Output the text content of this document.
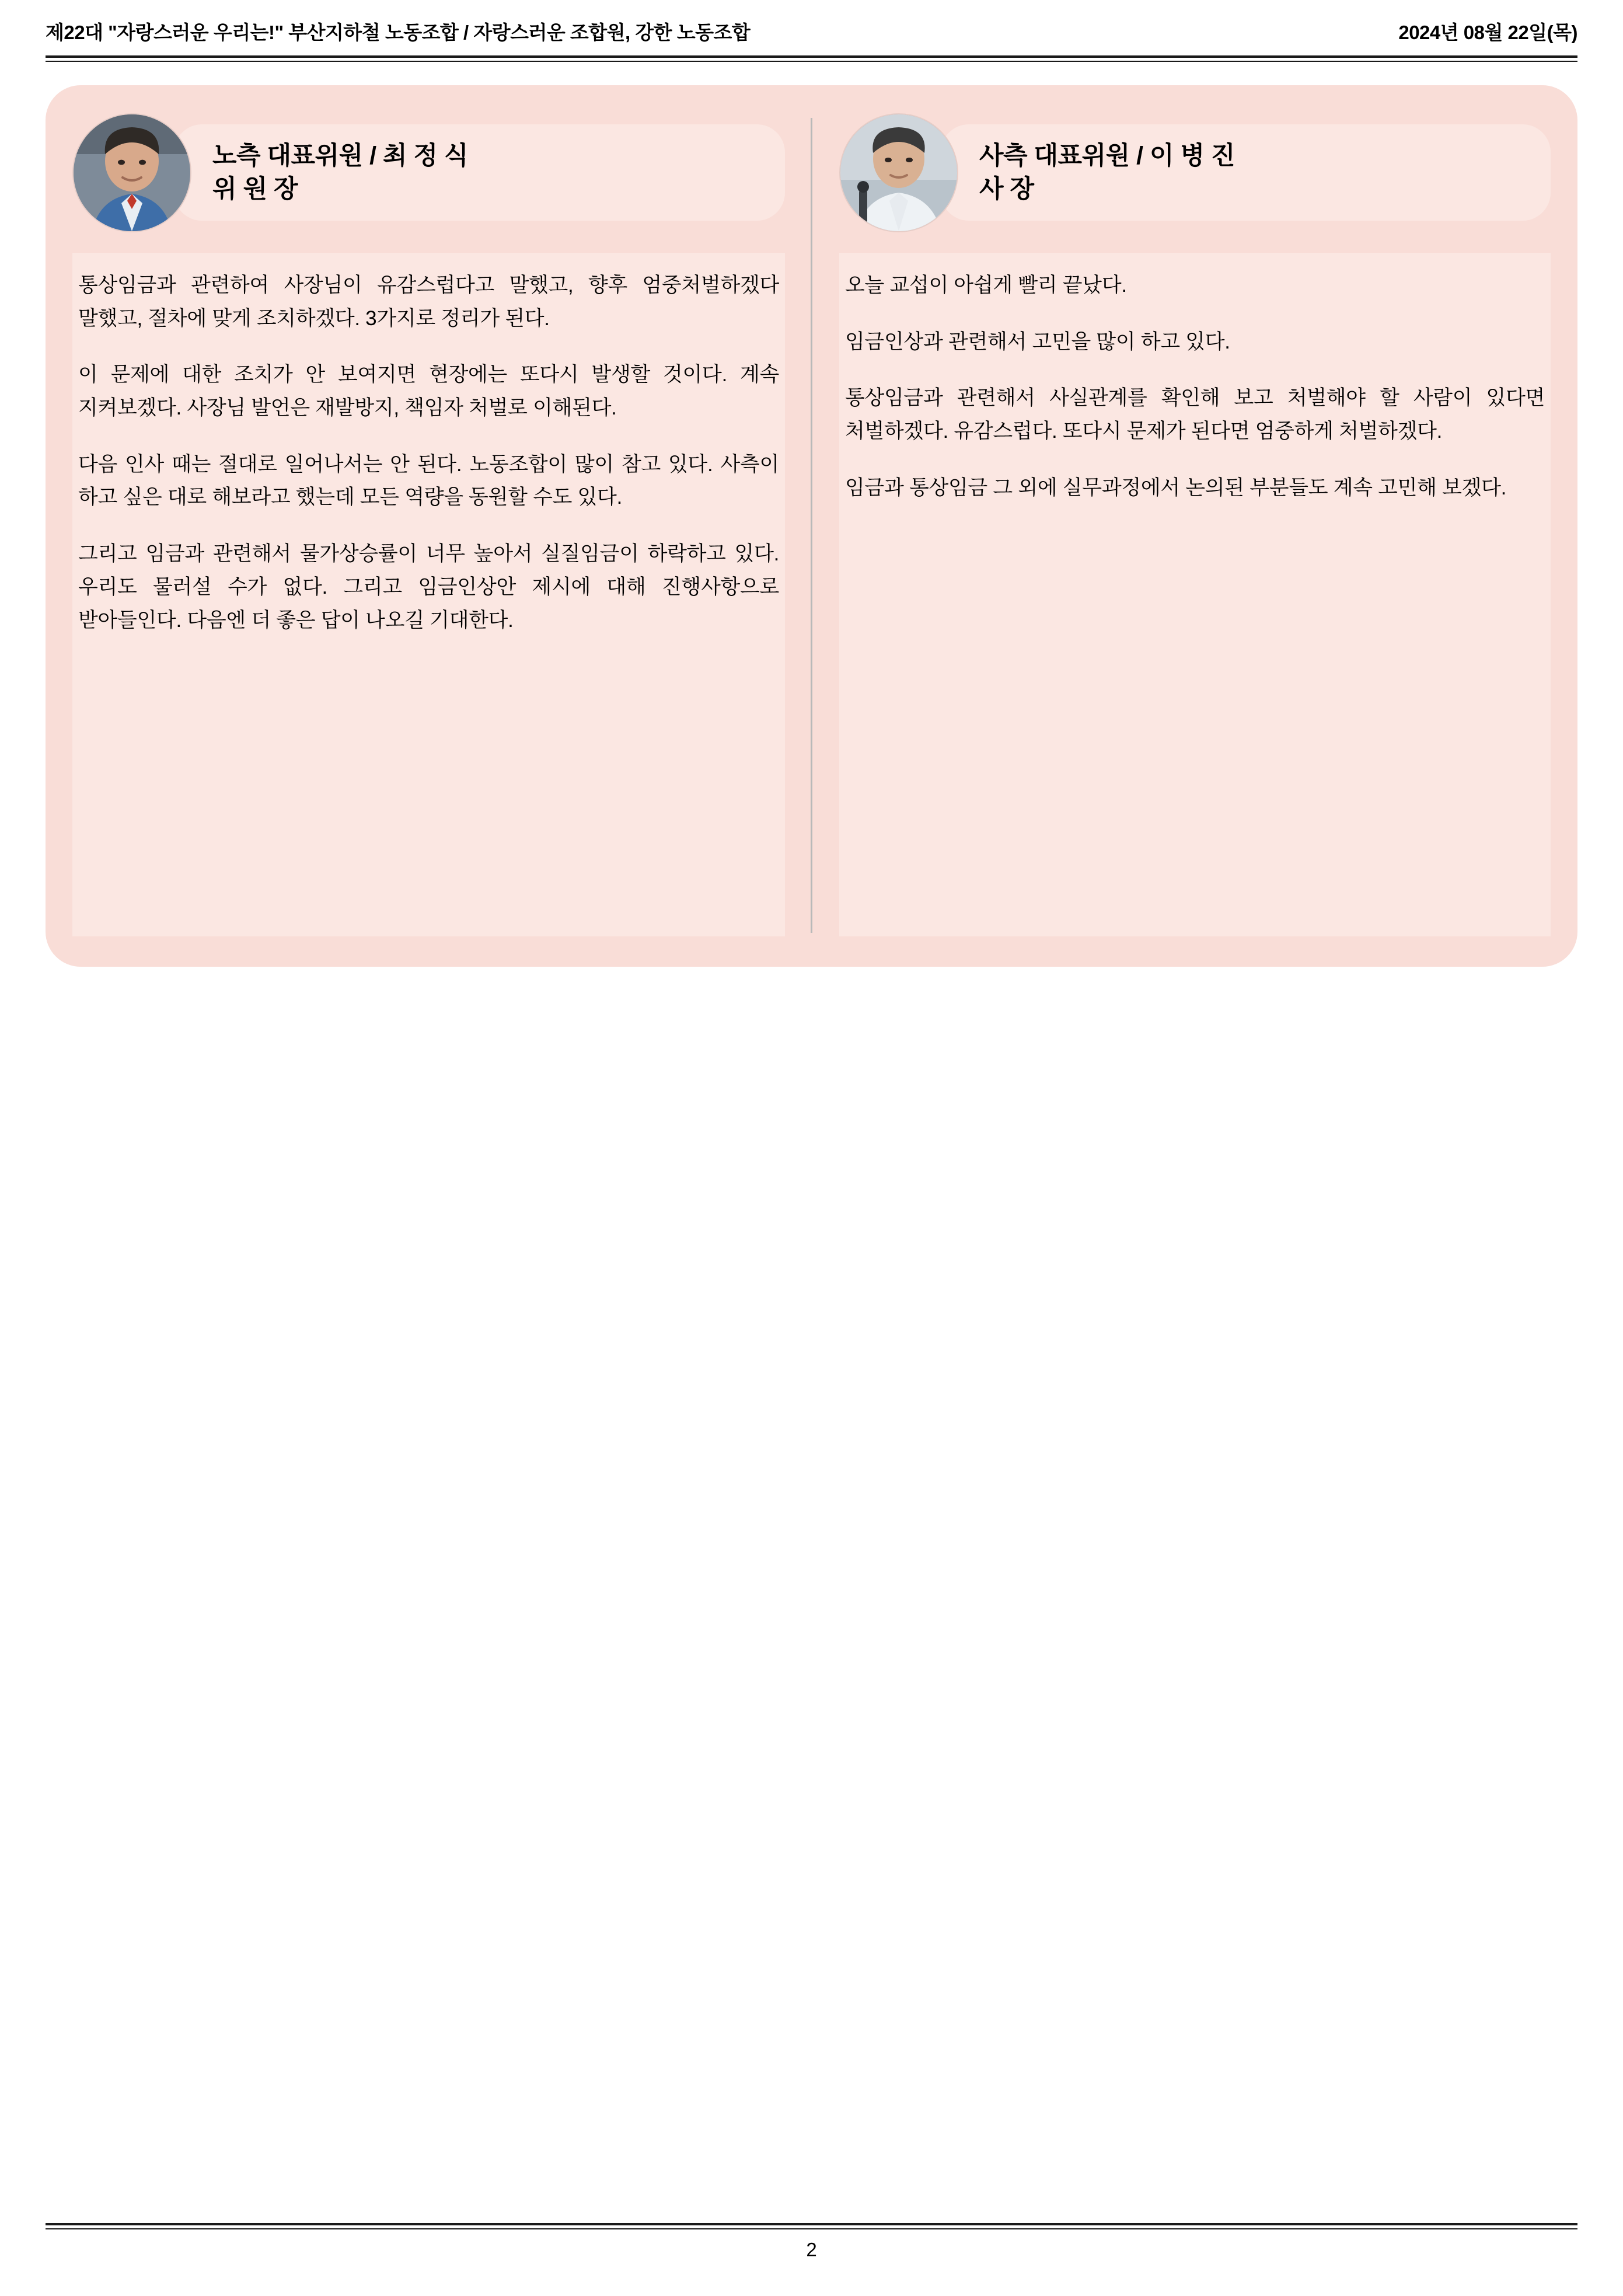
제22대 "자랑스러운 우리는!" 부산지하철 노동조합 / 자랑스러운 조합원, 강한 노동조합	2024년 08월 22일(목)
노측 대표위원 / 최 정 식
위 원 장

통상임금과 관련하여 사장님이 유감스럽다고 말했고, 향후 엄중처벌하겠다 말했고, 절차에 맞게 조치하겠다. 3가지로 정리가 된다.

이 문제에 대한 조치가 안 보여지면 현장에는 또다시 발생할 것이다. 계속 지켜보겠다. 사장님 발언은 재발방지, 책임자 처벌로 이해된다.

다음 인사 때는 절대로 일어나서는 안 된다. 노동조합이 많이 참고 있다. 사측이 하고 싶은 대로 해보라고 했는데 모든 역량을 동원할 수도 있다.

그리고 임금과 관련해서 물가상승률이 너무 높아서 실질임금이 하락하고 있다. 우리도 물러설 수가 없다. 그리고 임금인상안 제시에 대해 진행사항으로 받아들인다. 다음엔 더 좋은 답이 나오길 기대한다.

사측 대표위원 / 이 병 진
사 장

오늘 교섭이 아쉽게 빨리 끝났다.

임금인상과 관련해서 고민을 많이 하고 있다.

통상임금과 관련해서 사실관계를 확인해 보고 처벌해야 할 사람이 있다면 처벌하겠다. 유감스럽다. 또다시 문제가 된다면 엄중하게 처벌하겠다.

임금과 통상임금 그 외에 실무과정에서 논의된 부분들도 계속 고민해 보겠다.

2
